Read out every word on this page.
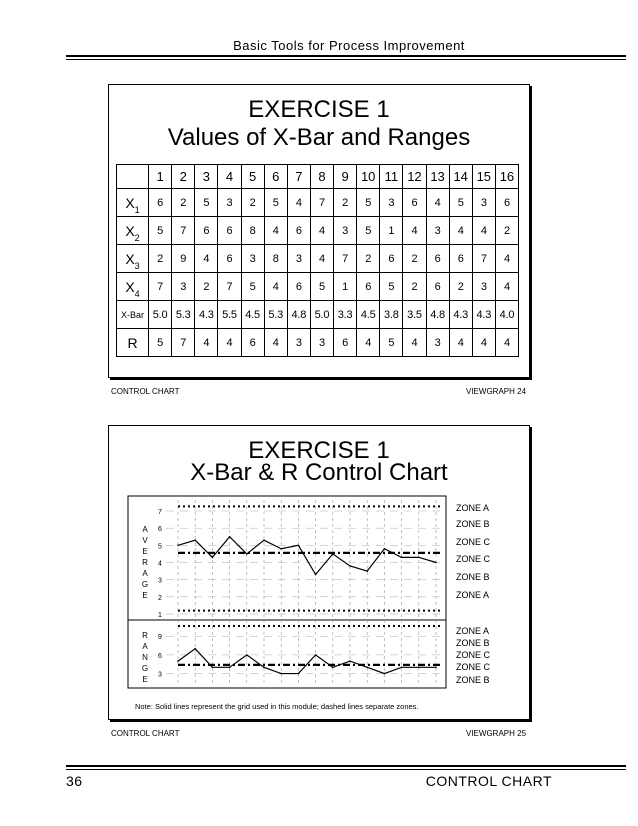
Basic Tools for Process Improvement
EXERCISE 1
Values of X-Bar and Ranges
	1	2	3	4	5	6	7	8	9	10	11	12	13	14	15	16
$X_1$	6	2	5	3	2	5	4	7	2	5	3	6	4	5	3	6
$X_2$	5	7	6	6	8	4	6	4	3	5	1	4	3	4	4	2
$X_3$	2	9	4	6	3	8	3	4	7	2	6	2	6	6	7	4
$X_4$	7	3	2	7	5	4	6	5	1	6	5	2	6	2	3	4
X-Bar	5.0	5.3	4.3	5.5	4.5	5.3	4.8	5.0	3.3	4.5	3.8	3.5	4.8	4.3	4.3	4.0
R	5	7	4	4	6	4	3	3	6	4	5	4	3	4	4	4
CONTROL CHART	VIEWGRAPH 24
EXERCISE 1
X-Bar & R Control Chart
1
2
3
4
5
6
7
A
V
E
R
A
G
E
ZONE A
ZONE B
ZONE C
ZONE C
ZONE B
ZONE A
3
6
9
R
A
N
G
E
ZONE A
ZONE B
ZONE C
ZONE C
ZONE B
Note: Solid lines represent the grid used in this module; dashed lines separate zones.
CONTROL CHART	VIEWGRAPH 25
36	CONTROL CHART
